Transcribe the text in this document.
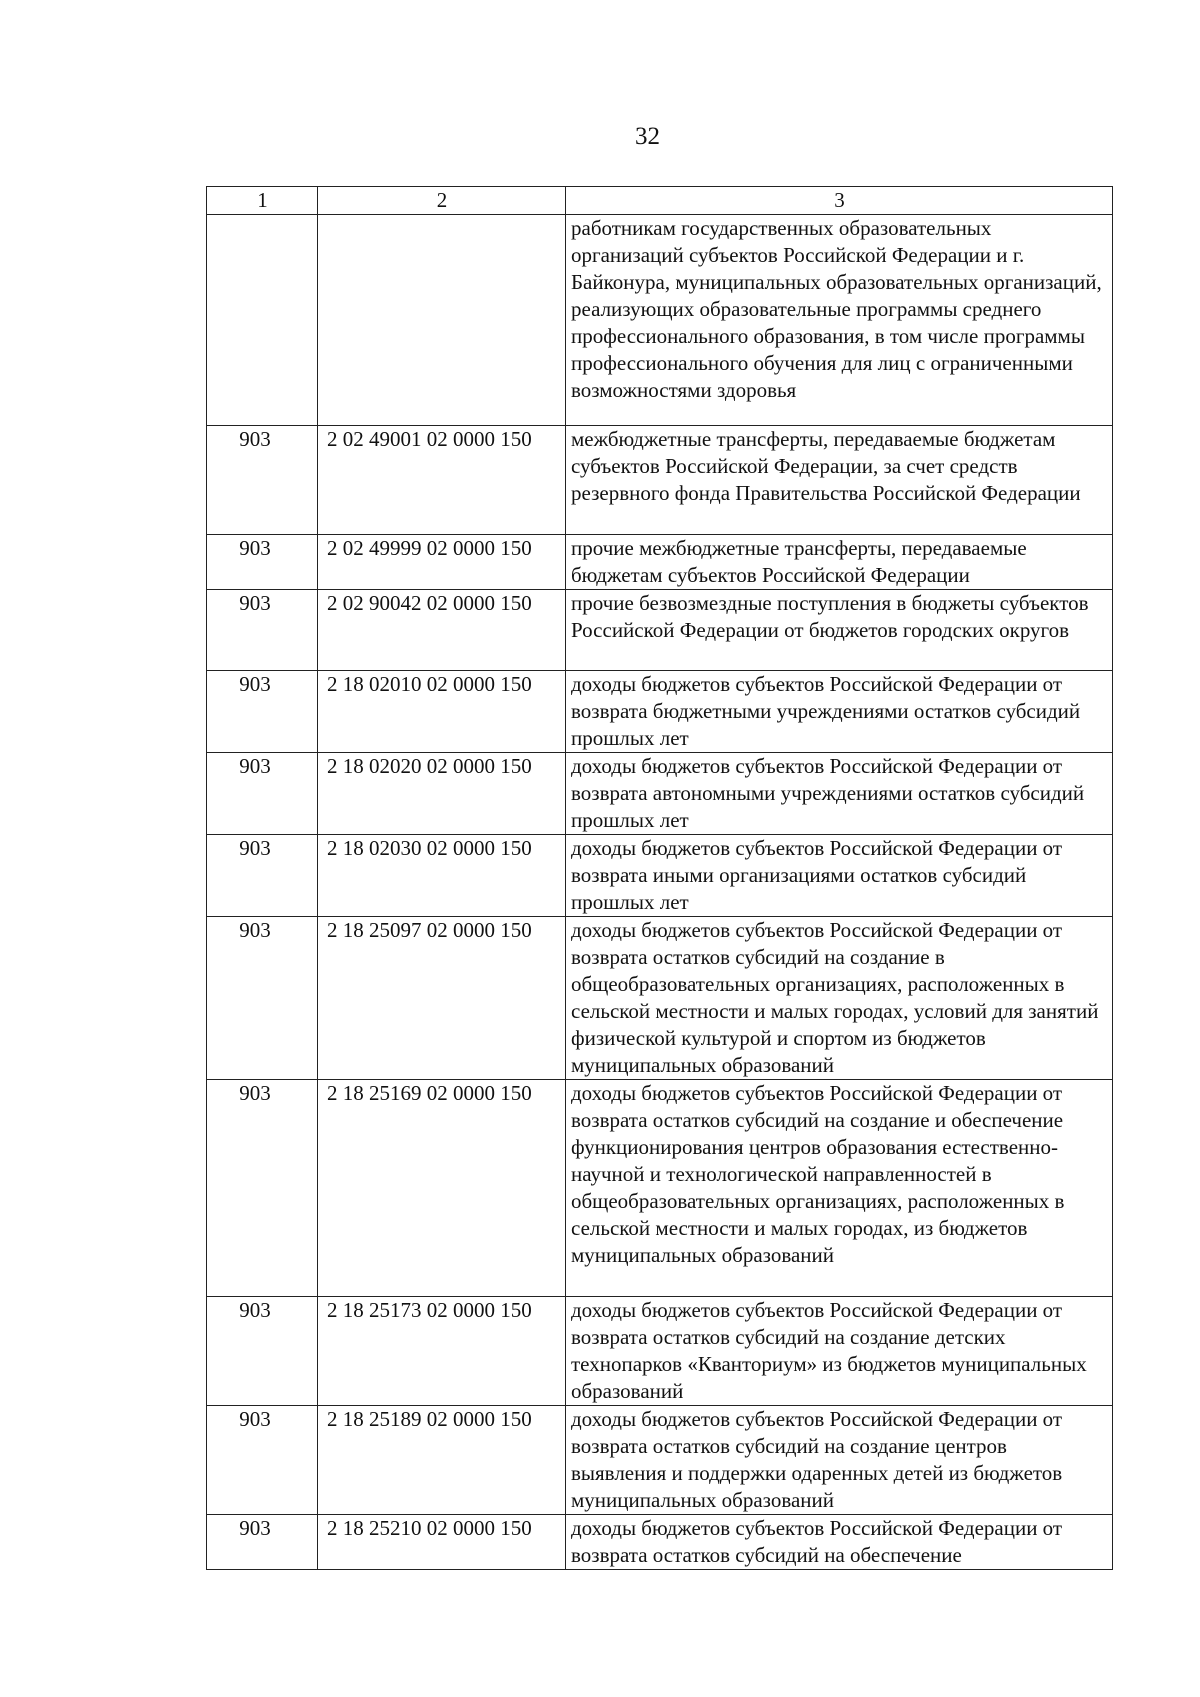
32
1	2	3
		работникам государственных образовательных организаций субъектов Российской Федерации и г. Байконура, муниципальных образовательных организаций, реализующих образовательные программы среднего профессионального образования, в том числе программы профессионального обучения для лиц с ограниченными возможностями здоровья
903	2 02 49001 02 0000 150	межбюджетные трансферты, передаваемые бюджетам субъектов Российской Федерации, за счет средств резервного фонда Правительства Российской Федерации
903	2 02 49999 02 0000 150	прочие межбюджетные трансферты, передаваемые бюджетам субъектов Российской Федерации
903	2 02 90042 02 0000 150	прочие безвозмездные поступления в бюджеты субъектов Российской Федерации от бюджетов городских округов
903	2 18 02010 02 0000 150	доходы бюджетов субъектов Российской Федерации от возврата бюджетными учреждениями остатков субсидий прошлых лет
903	2 18 02020 02 0000 150	доходы бюджетов субъектов Российской Федерации от возврата автономными учреждениями остатков субсидий прошлых лет
903	2 18 02030 02 0000 150	доходы бюджетов субъектов Российской Федерации от возврата иными организациями остатков субсидий прошлых лет
903	2 18 25097 02 0000 150	доходы бюджетов субъектов Российской Федерации от возврата остатков субсидий на создание в общеобразовательных организациях, расположенных в сельской местности и малых городах, условий для занятий физической культурой и спортом из бюджетов муниципальных образований
903	2 18 25169 02 0000 150	доходы бюджетов субъектов Российской Федерации от возврата остатков субсидий на создание и обеспечение функционирования центров образования естественно-научной и технологической направленностей в общеобразовательных организациях, расположенных в сельской местности и малых городах, из бюджетов муниципальных образований
903	2 18 25173 02 0000 150	доходы бюджетов субъектов Российской Федерации от возврата остатков субсидий на создание детских технопарков «Кванториум» из бюджетов муниципальных образований
903	2 18 25189 02 0000 150	доходы бюджетов субъектов Российской Федерации от возврата остатков субсидий на создание центров выявления и поддержки одаренных детей из бюджетов муниципальных образований
903	2 18 25210 02 0000 150	доходы бюджетов субъектов Российской Федерации от возврата остатков субсидий на обеспечение
